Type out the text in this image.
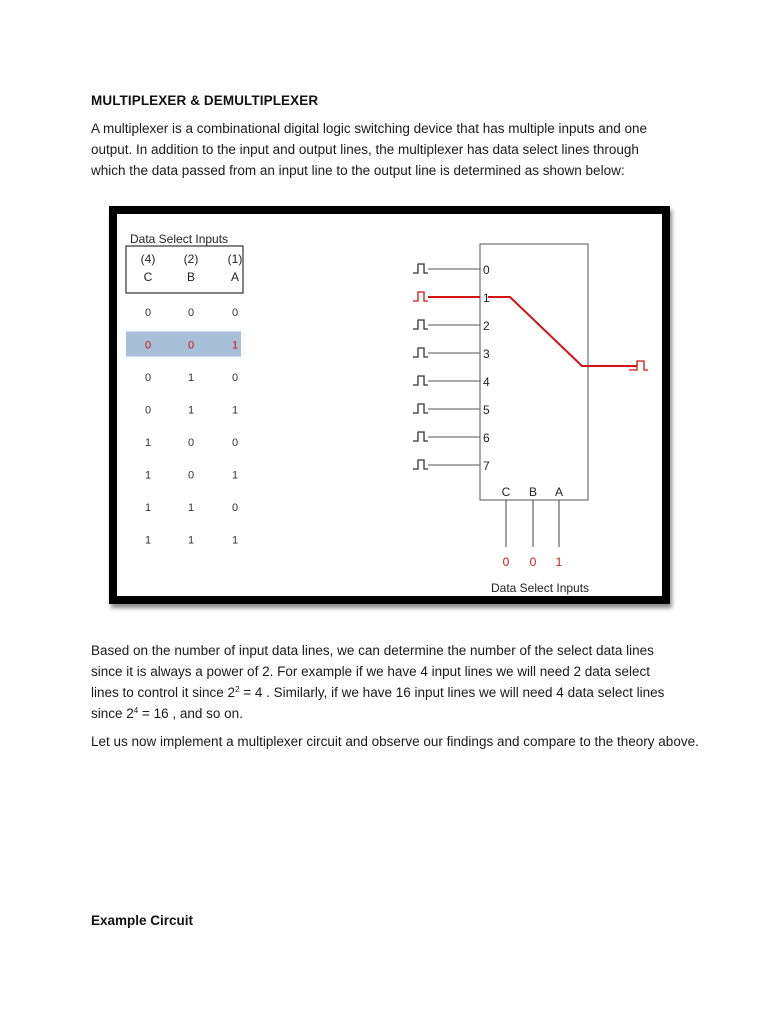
MULTIPLEXER & DEMULTIPLEXER

A multiplexer is a combinational digital logic switching device that has multiple inputs and one output. In addition to the input and output lines, the multiplexer has data select lines through which the data passed from an input line to the output line is determined as shown below:

Data Select Inputs
(4) (2) (1)
C	B	A
0	0	0
0	0	1
0	1	0
0	1	1
1	0	0
1	0	1
1	1	0
1	1	1
0
1
2
3
4
5
6
7
C
0
B
0
A
1
Data Select Inputs

Based on the number of input data lines, we can determine the number of the select data lines
since it is always a power of 2. For example if we have 4 input lines we will need 2 data select
lines to control it since $2^2 = 4$ . Similarly, if we have 16 input lines we will need 4 data select lines
since $2^4 = 16$ , and so on.

Let us now implement a multiplexer circuit and observe our findings and compare to the theory above.

Example Circuit
